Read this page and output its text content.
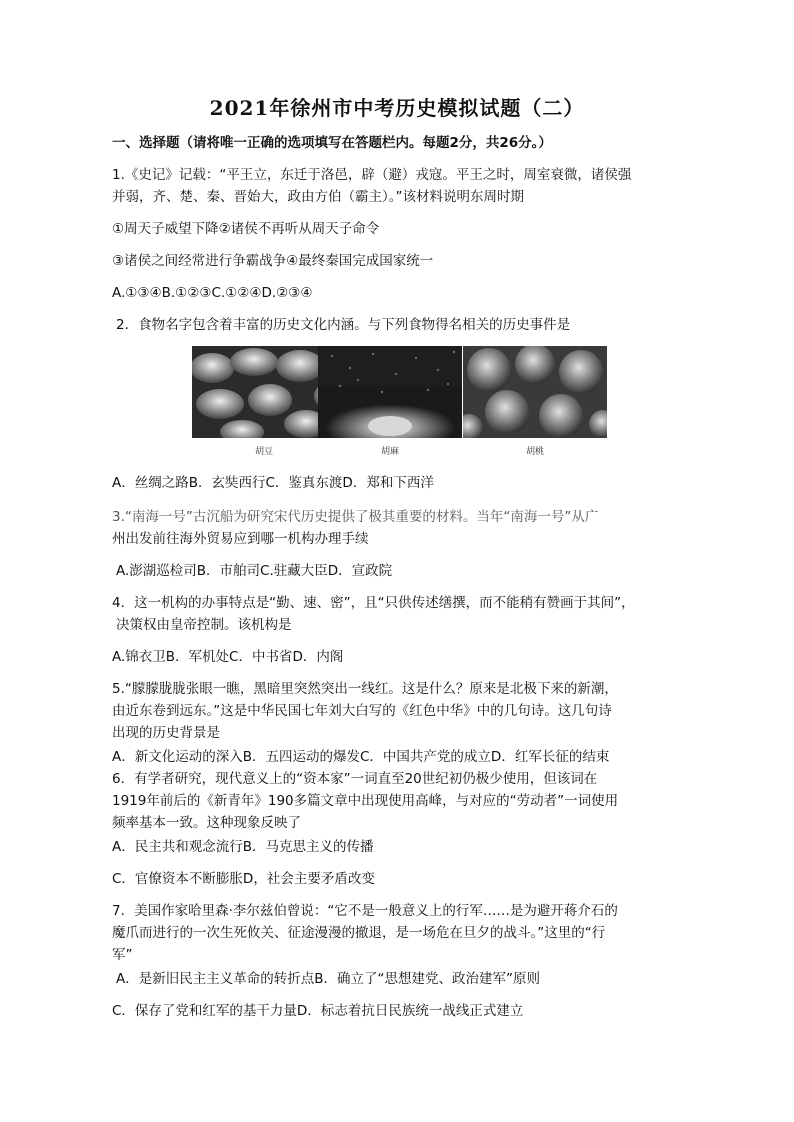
2021年徐州市中考历史模拟试题（二）
一、选择题（请将唯一正确的选项填写在答题栏内。每题2分，共26分。）
1.《史记》记载：“平王立，东迁于洛邑，辟（避）戎寇。平王之时，周室衰微，诸侯强
并弱，齐、楚、秦、晋始大，政由方伯（霸主）。”该材料说明东周时期
①周天子威望下降②诸侯不再听从周天子命令
③诸侯之间经常进行争霸战争④最终秦国完成国家统一
A.①③④B.①②③C.①②④D.②③④
2．食物名字包含着丰富的历史文化内涵。与下列食物得名相关的历史事件是
胡豆	胡麻	胡桃
A．丝绸之路B．玄奘西行C．鉴真东渡D．郑和下西洋
3.“南海一号”古沉船为研究宋代历史提供了极其重要的材料。当年“南海一号”从广
州出发前往海外贸易应到哪一机构办理手续
A.澎湖巡检司B．市舶司C.驻藏大臣D．宣政院
4．这一机构的办事特点是“勤、速、密”，且“只供传述缮撰，而不能稍有赞画于其间”，
决策权由皇帝控制。该机构是
A.锦衣卫B．军机处C．中书省D．内阁
5.“朦朦胧胧张眼一瞧，黑暗里突然突出一线红。这是什么？原来是北极下来的新潮，
由近东卷到远东。”这是中华民国七年刘大白写的《红色中华》中的几句诗。这几句诗
出现的历史背景是
A．新文化运动的深入B．五四运动的爆发C．中国共产党的成立D．红军长征的结束
6．有学者研究，现代意义上的“资本家”一词直至20世纪初仍极少使用，但该词在
1919年前后的《新青年》190多篇文章中出现使用高峰，与对应的“劳动者”一词使用
频率基本一致。这种现象反映了
A．民主共和观念流行B．马克思主义的传播
C．官僚资本不断膨胀D，社会主要矛盾改变
7．美国作家哈里森·李尔兹伯曾说：“它不是一般意义上的行军……是为避开蒋介石的
魔爪而进行的一次生死攸关、征途漫漫的撤退，是一场危在旦夕的战斗。”这里的“行
军”
A．是新旧民主主义革命的转折点B．确立了“思想建党、政治建军”原则
C．保存了党和红军的基干力量D．标志着抗日民族统一战线正式建立
